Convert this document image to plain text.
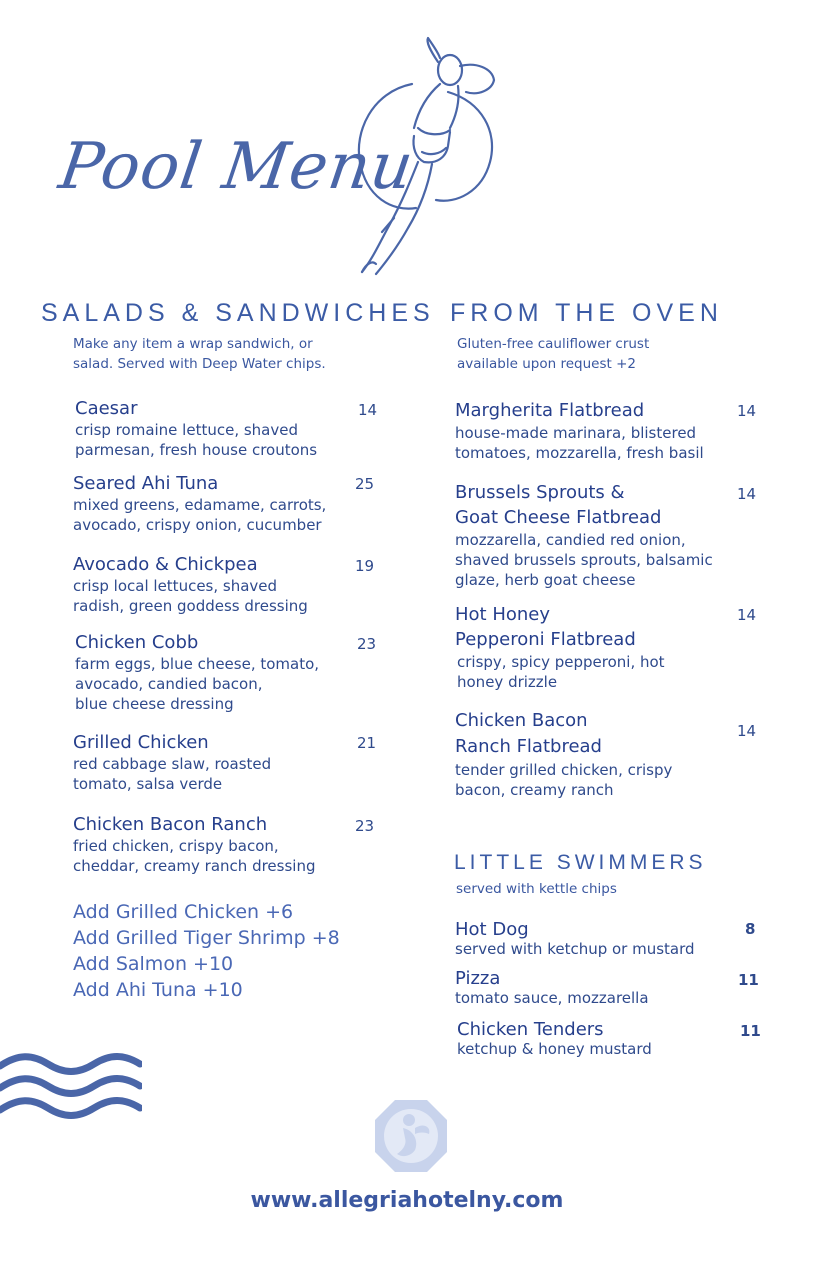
Pool Menu
SALADS & SANDWICHES FROM THE OVEN
Make any item a wrap sandwich, or
salad. Served with Deep Water chips.
Gluten-free cauliflower crust
available upon request +2
Caesar
crisp romaine lettuce, shaved
parmesan, fresh house croutons
14
Seared Ahi Tuna
mixed greens, edamame, carrots,
avocado, crispy onion, cucumber
25
Avocado & Chickpea
crisp local lettuces, shaved
radish, green goddess dressing
19
Chicken Cobb
farm eggs, blue cheese, tomato,
avocado, candied bacon,
blue cheese dressing
23
Grilled Chicken
red cabbage slaw, roasted
tomato, salsa verde
21
Chicken Bacon Ranch
fried chicken, crispy bacon,
cheddar, creamy ranch dressing
23
Add Grilled Chicken +6
Add Grilled Tiger Shrimp +8
Add Salmon +10
Add Ahi Tuna +10
Margherita Flatbread
house-made marinara, blistered
tomatoes, mozzarella, fresh basil
14
Brussels Sprouts &
Goat Cheese Flatbread
mozzarella, candied red onion,
shaved brussels sprouts, balsamic
glaze, herb goat cheese
14
Hot Honey
Pepperoni Flatbread
crispy, spicy pepperoni, hot
honey drizzle
14
Chicken Bacon
Ranch Flatbread
tender grilled chicken, crispy
bacon, creamy ranch
14
LITTLE SWIMMERS
served with kettle chips
Hot Dog
served with ketchup or mustard
8
Pizza
tomato sauce, mozzarella
11
Chicken Tenders
ketchup & honey mustard
11
www.allegriahotelny.com
